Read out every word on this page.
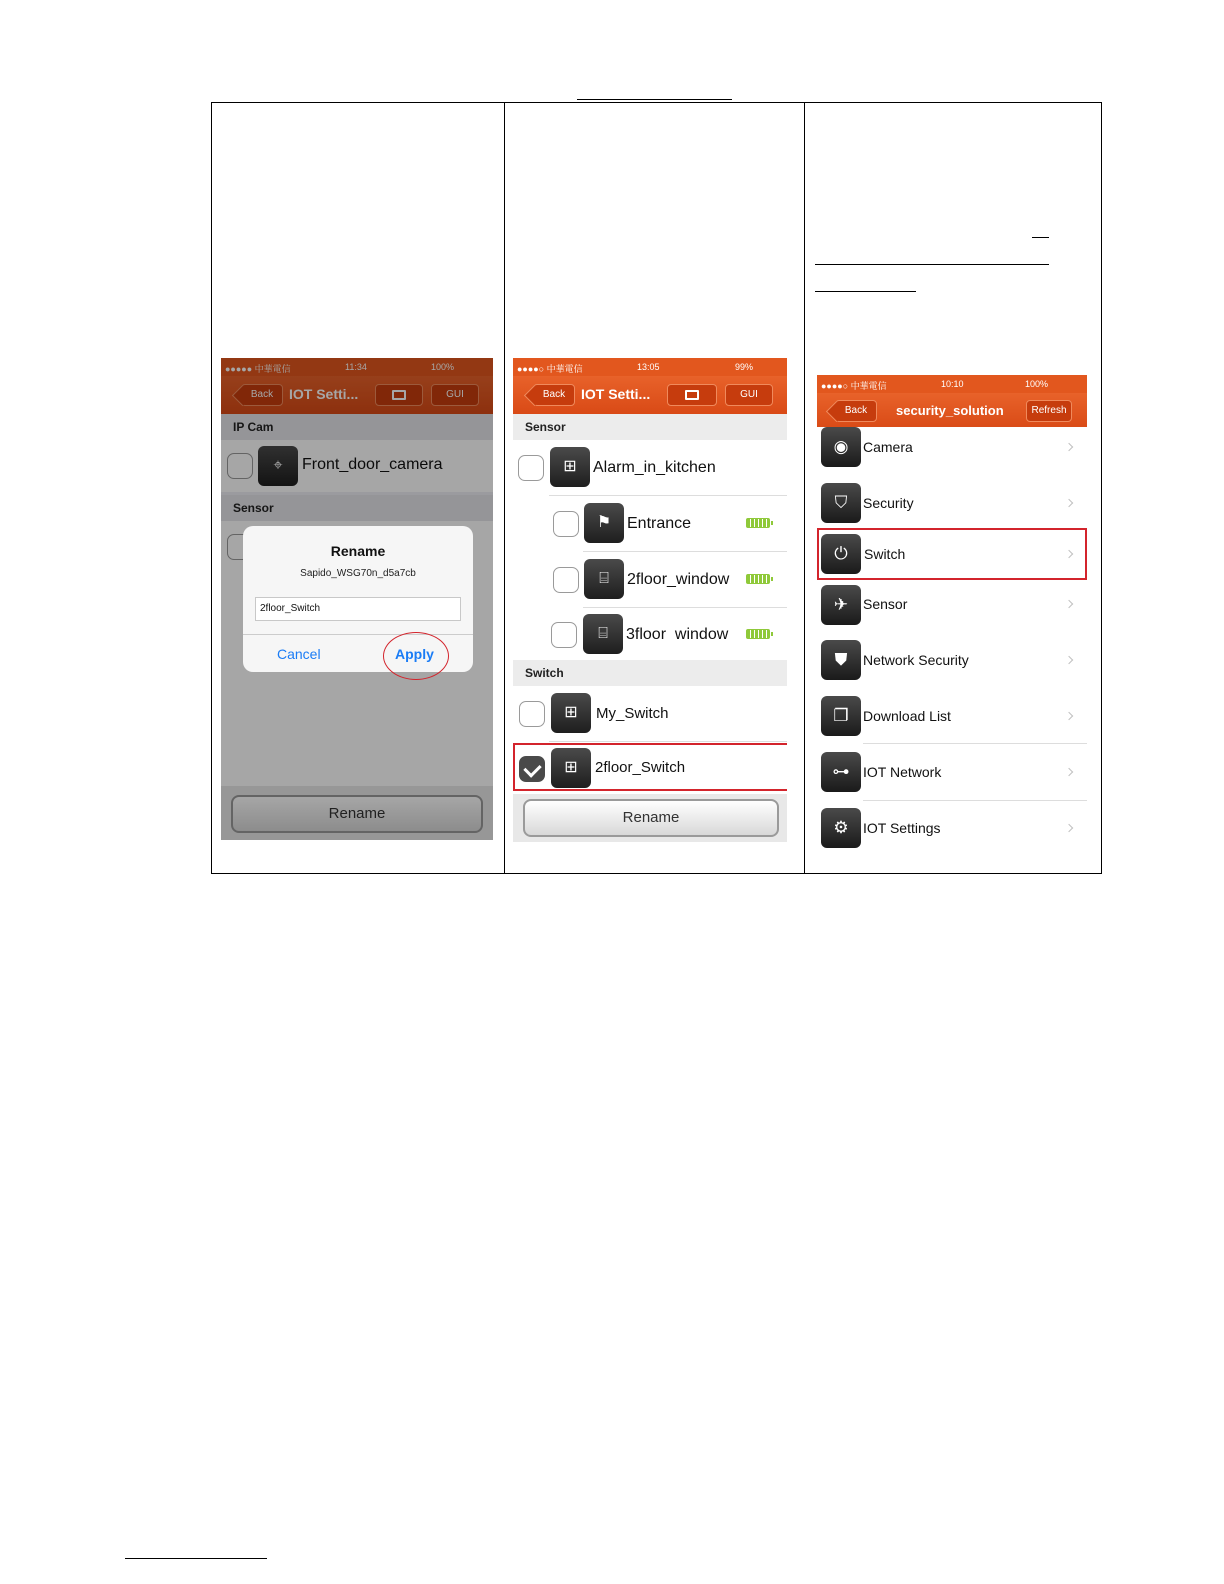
●●●●● 中華電信	11:34	100%
Back	IOT Setti...	GUI
IP Cam
⌖	Front_door_camera
Sensor
Rename
Rename
Sapido_WSG70n_d5a7cb
2floor_Switch
Cancel	Apply
●●●●○ 中華電信	13:05	99%
Back	IOT Setti...	GUI
Sensor
⊞	Alarm_in_kitchen
⚑ Entrance
⌸	2floor_window
⌸	3floor  window
Switch
⊞	My_Switch
⊞	2floor_Switch
Rename
●●●●○ 中華電信	10:10	100%
Back	security_solution	Refresh
◉	Camera
⛉	Security
⏻	Switch
✈	Sensor
⛊	Network Security
❐	Download List
⊶ IOT Network
⚙	IOT Settings
